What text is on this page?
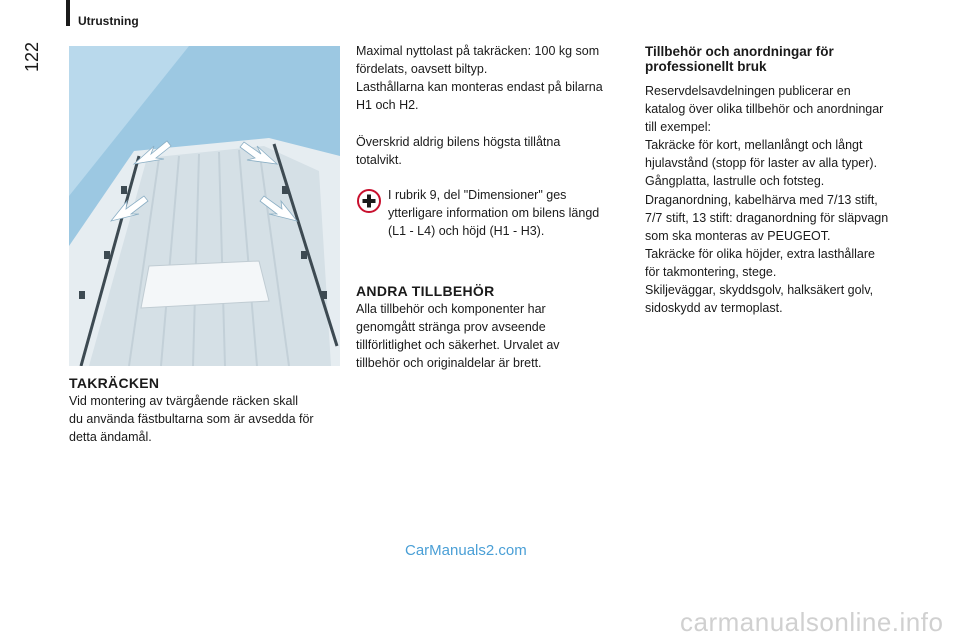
Utrustning
122

TAKRÄCKEN

Vid montering av tvärgående räcken skall

du använda fästbultarna som är avsedda för

detta ändamål.

Maximal nyttolast på takräcken: 100 kg som

fördelats, oavsett biltyp.

Lasthållarna kan monteras endast på bilarna

H1 och H2.

Överskrid aldrig bilens högsta tillåtna

totalvikt.

I rubrik 9, del "Dimensioner" ges

ytterligare information om bilens längd

(L1 - L4) och höjd (H1 - H3).

ANDRA TILLBEHÖR

Alla tillbehör och komponenter har

genomgått stränga prov avseende

tillförlitlighet och säkerhet. Urvalet av

tillbehör och originaldelar är brett.

Tillbehör och anordningar för

professionellt bruk

Reservdelsavdelningen publicerar en

katalog över olika tillbehör och anordningar

till exempel:

Takräcke för kort, mellanlångt och långt

hjulavstånd (stopp för laster av alla typer).

Gångplatta, lastrulle och fotsteg.

Draganordning, kabelhärva med 7/13 stift,

7/7 stift, 13 stift: draganordning för släpvagn

som ska monteras av PEUGEOT.

Takräcke för olika höjder, extra lasthållare

för takmontering, stege.

Skiljeväggar, skyddsgolv, halksäkert golv,

sidoskydd av termoplast.

CarManuals2.com
carmanualsonline.info
